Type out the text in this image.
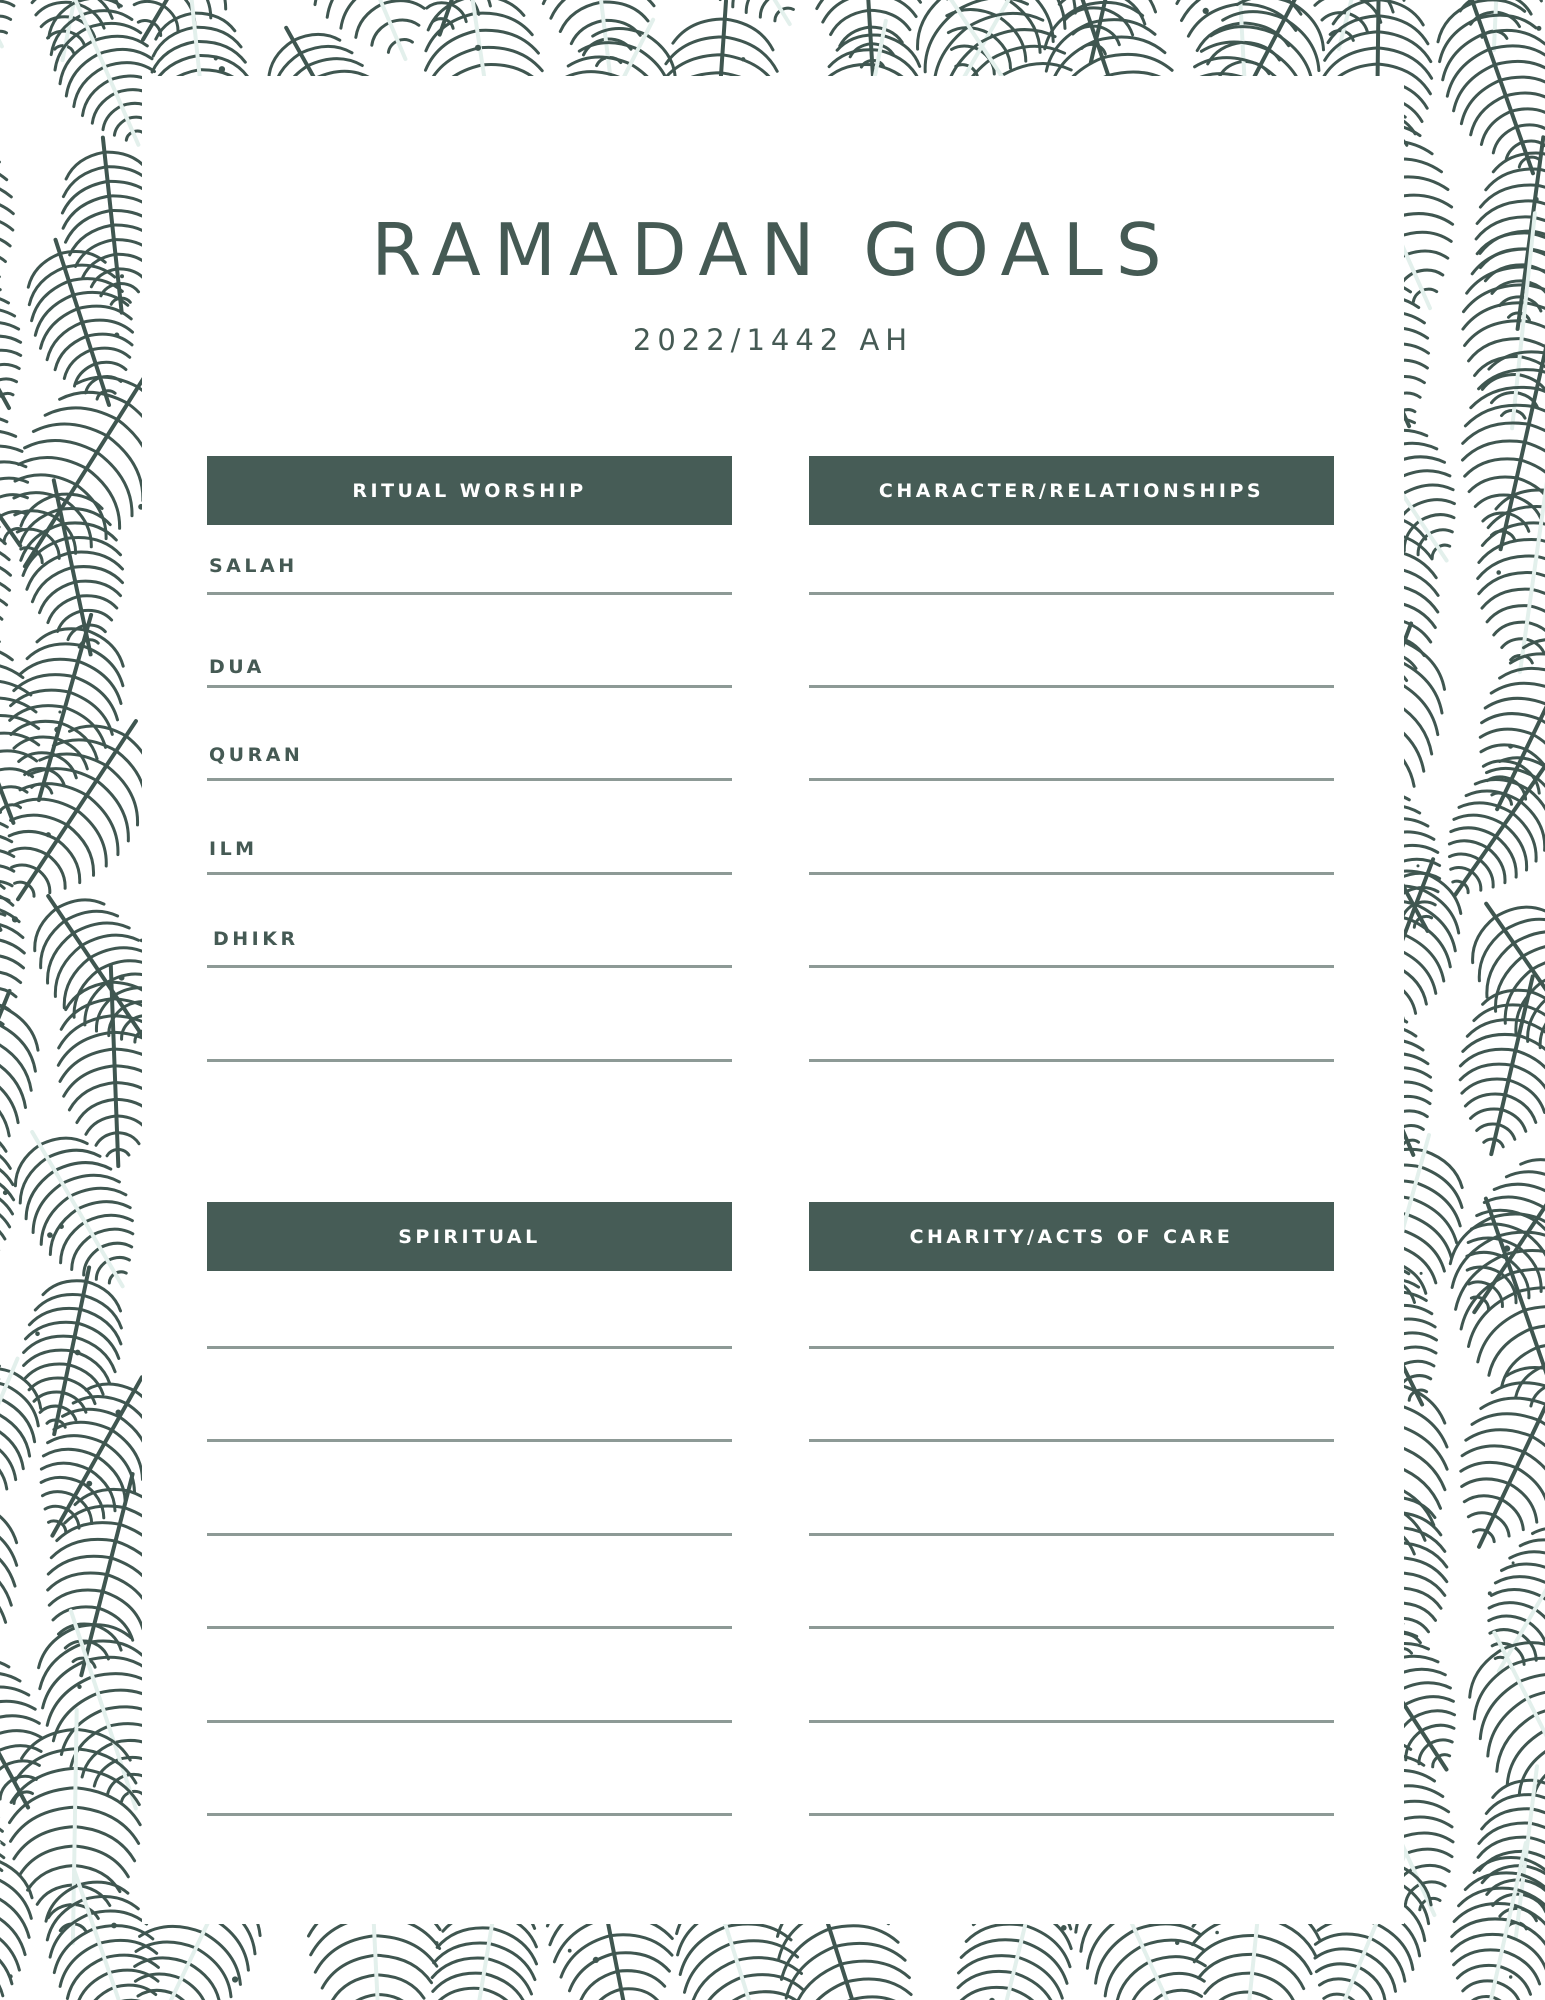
RAMADAN GOALS
2022/1442 AH
RITUAL WORSHIP
SALAH
DUA
QURAN
ILM
DHIKR
CHARACTER/RELATIONSHIPS
SPIRITUAL	CHARITY/ACTS OF CARE
